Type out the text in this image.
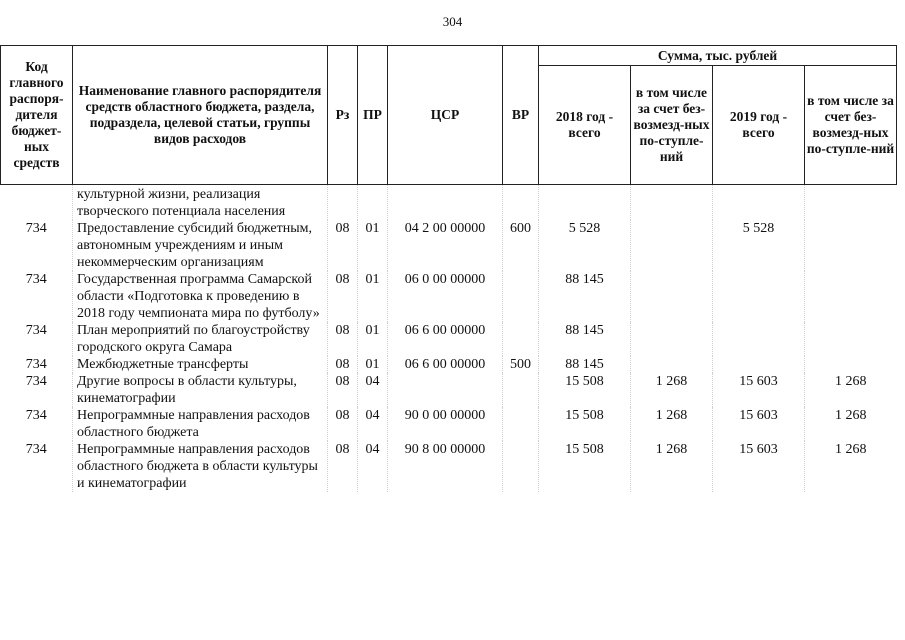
304
Код главного распоря-дителя бюджет-ных средств	Наименование главного распорядителя средств областного бюджета, раздела, подраздела, целевой статьи, группы видов расходов	Рз	ПР	ЦСР	ВР	Сумма, тыс. рублей			
						2018 год - всего	в том числе за счет без-возмезд-ных по-ступле-ний	2019 год - всего	в том числе за счет без-возмезд-ных по-ступле-ний
	культурной жизни, реализация творческого потенциала населения								
734	Предоставление субсидий бюджетным, автономным учреждениям и иным некоммерческим организациям	08	01	04 2 00 00000	600	5 528		5 528	
734	Государственная программа Самарской области «Подготовка к проведению в 2018 году чемпионата мира по футболу»	08	01	06 0 00 00000		88 145			
734	План мероприятий по благоустройству городского округа Самара	08	01	06 6 00 00000		88 145			
734	Межбюджетные трансферты	08	01	06 6 00 00000	500	88 145			
734	Другие вопросы в области культуры, кинематографии	08	04			15 508	1 268	15 603	1 268
734	Непрограммные направления расходов областного бюджета	08	04	90 0 00 00000		15 508	1 268	15 603	1 268
734	Непрограммные направления расходов областного бюджета в области культуры и кинематографии	08	04	90 8 00 00000		15 508	1 268	15 603	1 268
